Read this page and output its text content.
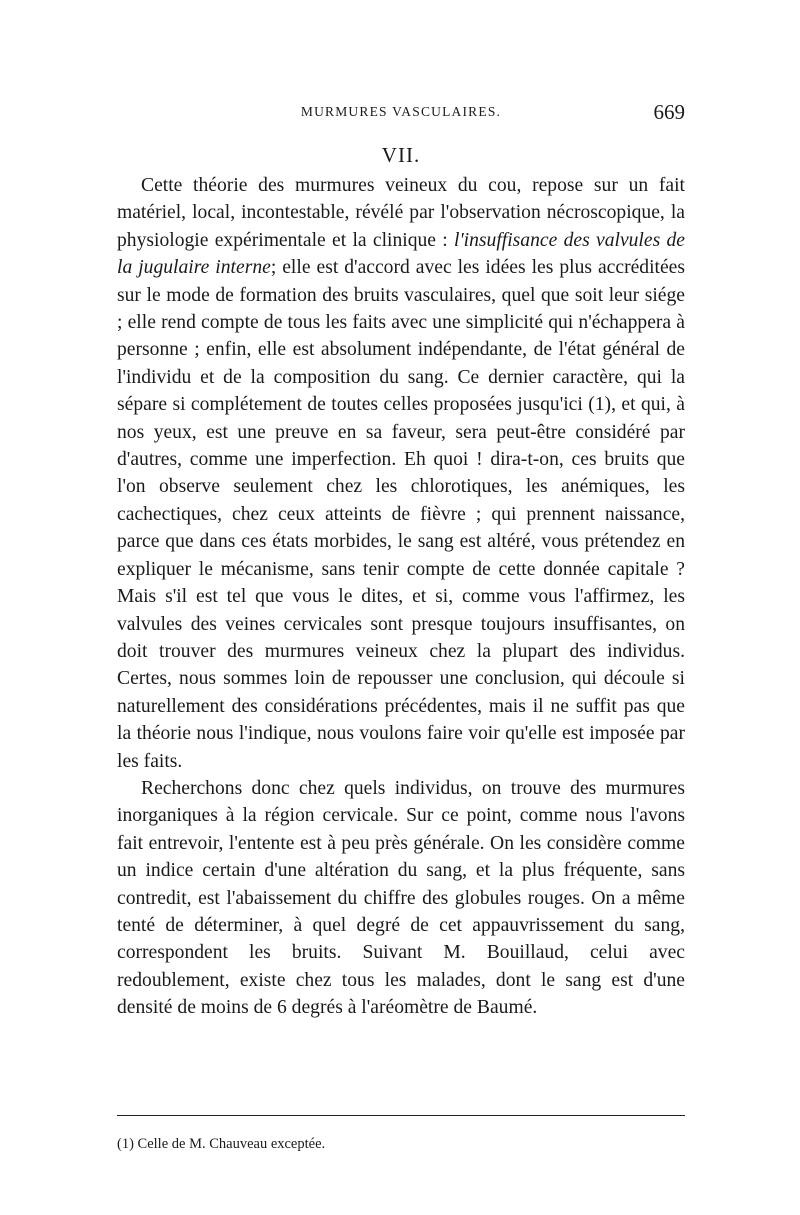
MURMURES VASCULAIRES.	669
VII.

Cette théorie des murmures veineux du cou, repose sur un fait matériel, local, incontestable, révélé par l'observation nécroscopique, la physiologie expérimentale et la clinique : l'insuffisance des valvules de la jugulaire interne; elle est d'accord avec les idées les plus accréditées sur le mode de formation des bruits vasculaires, quel que soit leur siége ; elle rend compte de tous les faits avec une simplicité qui n'échappera à personne ; enfin, elle est absolument indépendante, de l'état général de l'individu et de la composition du sang. Ce dernier caractère, qui la sépare si complétement de toutes celles proposées jusqu'ici (1), et qui, à nos yeux, est une preuve en sa faveur, sera peut-être considéré par d'autres, comme une imperfection. Eh quoi ! dira-t-on, ces bruits que l'on observe seulement chez les chlorotiques, les anémiques, les cachectiques, chez ceux atteints de fièvre ; qui prennent naissance, parce que dans ces états morbides, le sang est altéré, vous prétendez en expliquer le mécanisme, sans tenir compte de cette donnée capitale ? Mais s'il est tel que vous le dites, et si, comme vous l'affirmez, les valvules des veines cervicales sont presque toujours insuffisantes, on doit trouver des murmures veineux chez la plupart des individus. Certes, nous sommes loin de repousser une conclusion, qui découle si naturellement des considérations précédentes, mais il ne suffit pas que la théorie nous l'indique, nous voulons faire voir qu'elle est imposée par les faits.

Recherchons donc chez quels individus, on trouve des murmures inorganiques à la région cervicale. Sur ce point, comme nous l'avons fait entrevoir, l'entente est à peu près générale. On les considère comme un indice certain d'une altération du sang, et la plus fréquente, sans contredit, est l'abaissement du chiffre des globules rouges. On a même tenté de déterminer, à quel degré de cet appauvrissement du sang, correspondent les bruits. Suivant M. Bouillaud, celui avec redoublement, existe chez tous les malades, dont le sang est d'une densité de moins de 6 degrés à l'aréomètre de Baumé.

(1) Celle de M. Chauveau exceptée.
